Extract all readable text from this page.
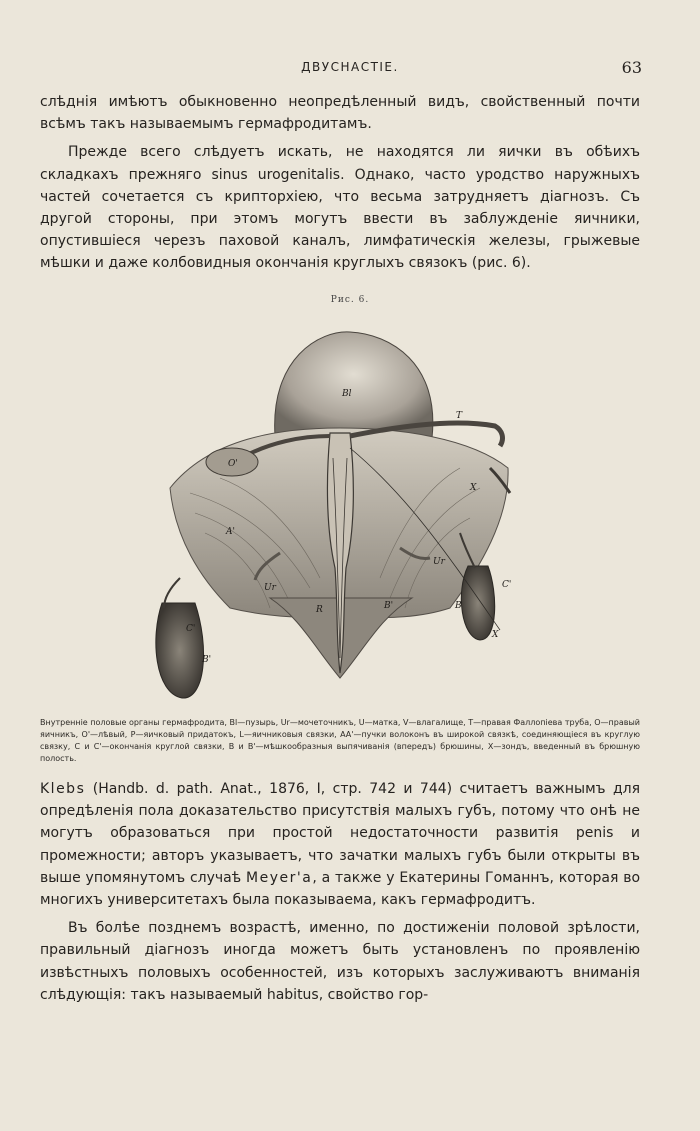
ДВУСНАСТІЕ.	63

слѣднія имѣютъ обыкновенно неопредѣленный видъ, свойственный почти всѣмъ такъ называемымъ гермафродитамъ.

Прежде всего слѣдуетъ искать, не находятся ли яички въ обѣихъ складкахъ прежняго sinus urogenitalis. Однако, часто уродство наружныхъ частей сочетается съ крипторхіею, что весьма затрудняетъ діагнозъ. Съ другой стороны, при этомъ могутъ ввести въ заблужденіе яичники, опустившіеся черезъ паховой каналъ, лимфатическія железы, грыжевые мѣшки и даже колбовидныя окончанія круглыхъ связокъ (рис. 6).

Рис. 6.
Bl
T
O'
A'
Ur
Ur
C'
C'
B'
B
X
X
B'
R
Внутреннiе половые органы гермафродита, Bl—пузырь, Ur—мочеточникъ, U—матка, V—влагалище, T—правая Фаллопiева труба, O—правый яичникъ, O'—лѣвый, P—яичковый придатокъ, L—яичниковыя связки, AA'—пучки волоконъ въ широкой связкѣ, соединяющiеся въ круглую связку, C и C'—окончанiя круглой связки, B и B'—мѣшкообразныя выпячиванiя (впередъ) брюшины, X—зондъ, введенный въ брюшную полость.

Klebs (Handb. d. path. Anat., 1876, I, стр. 742 и 744) считаетъ важнымъ для опредѣленія пола доказательство присутствія малыхъ губъ, потому что онѣ не могутъ образоваться при простой недостаточности развитія penis и промежности; авторъ указываетъ, что зачатки малыхъ губъ были открыты въ выше упомянутомъ случаѣ Meyer'a, а также у Екатерины Гоманнъ, которая во многихъ университетахъ была показываема, какъ гермафродитъ.

Въ болѣе позднемъ возрастѣ, именно, по достиженіи половой зрѣлости, правильный діагнозъ иногда можетъ быть установленъ по проявленію извѣстныхъ половыхъ особенностей, изъ которыхъ заслуживаютъ вниманія слѣдующія: такъ называемый habitus, свойство гор-
